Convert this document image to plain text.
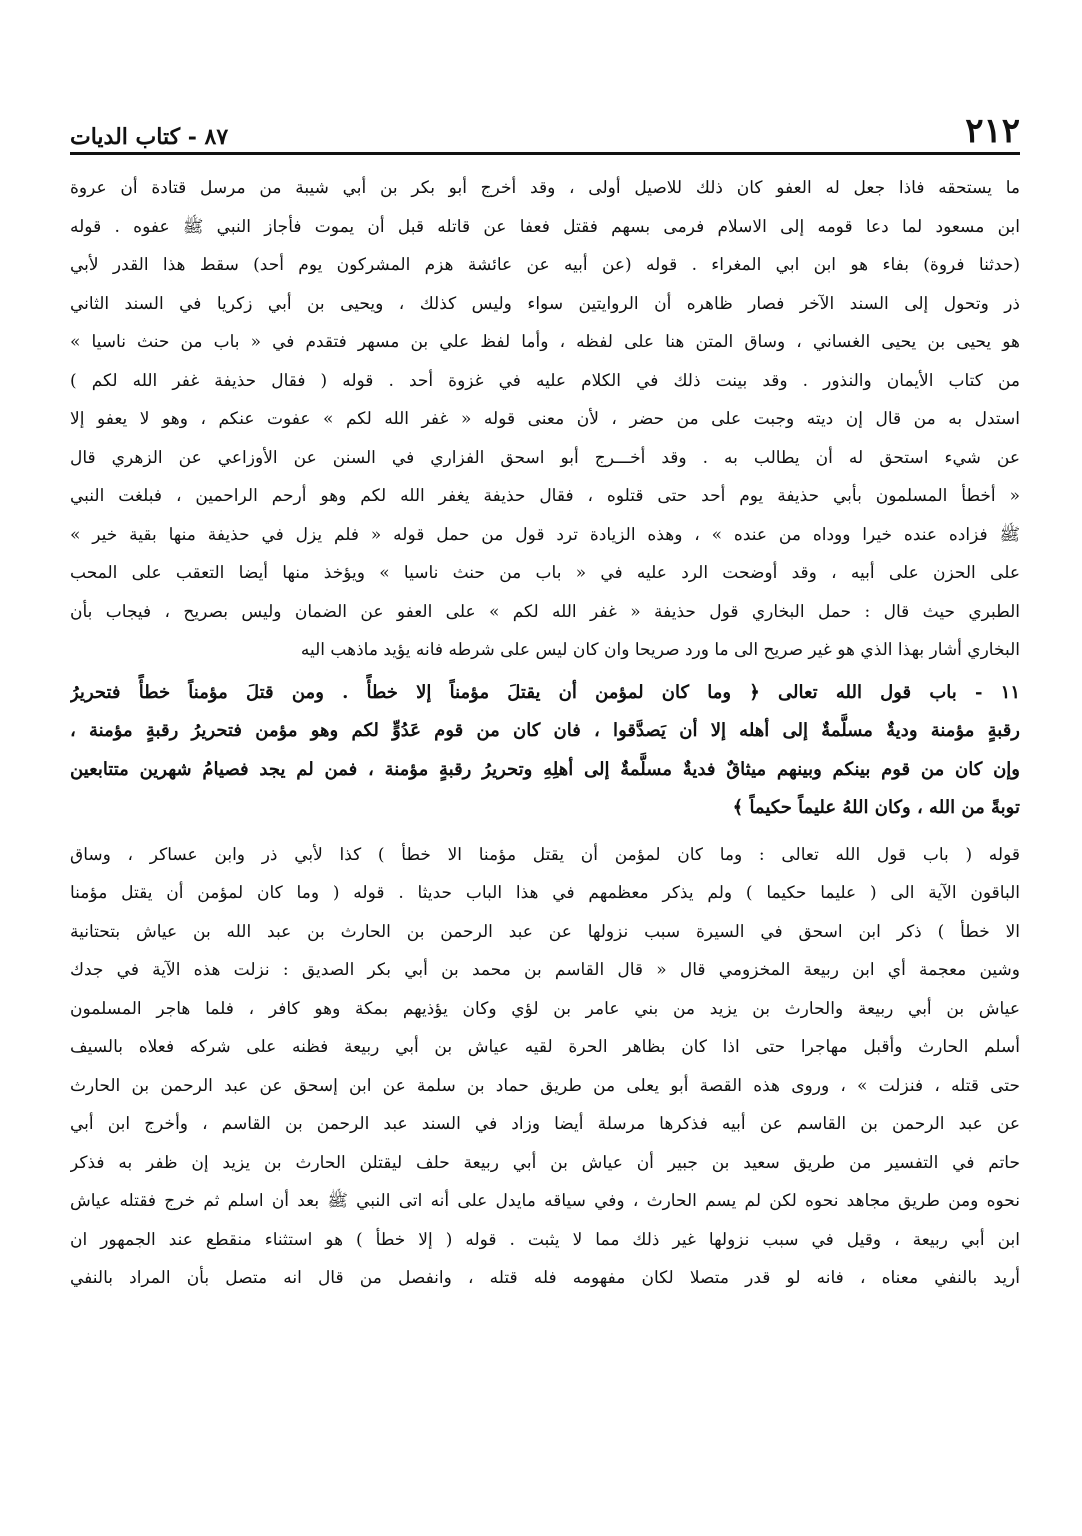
٢١٢
٨٧ - كتاب الديات
ما يستحقه فاذا جعل له العفو كان ذلك للاصيل أولى ، وقد أخرج أبو بكر بن أبي شيبة من مرسل قتادة أن عروة
ابن مسعود لما دعا قومه إلى الاسلام فرمى بسهم فقتل فعفا عن قاتله قبل أن يموت فأجاز النبي ﷺ عفوه . قوله
(حدثنا فروة) بفاء هو ابن ابي المغراء . قوله (عن أبيه عن عائشة هزم المشركون يوم أحد) سقط هذا القدر لأبي
ذر وتحول إلى السند الآخر فصار ظاهره أن الروايتين سواء وليس كذلك ، ويحيى بن أبي زكريا في السند الثاني
هو يحيى بن يحيى الغساني ، وساق المتن هنا على لفظه ، وأما لفظ علي بن مسهر فتقدم في « باب من حنث ناسيا »
من كتاب الأيمان والنذور . وقد بينت ذلك في الكلام عليه في غزوة أحد . قوله ( فقال حذيفة غفر الله لكم )
استدل به من قال إن ديته وجبت على من حضر ، لأن معنى قوله « غفر الله لكم » عفوت عنكم ، وهو لا يعفو إلا
عن شيء استحق له أن يطالب به . وقد أخـــرج أبو اسحق الفزاري في السنن عن الأوزاعي عن الزهري قال
« أخطأ المسلمون بأبي حذيفة يوم أحد حتى قتلوه ، فقال حذيفة يغفر الله لكم وهو أرحم الراحمين ، فبلغت النبي
ﷺ فزاده عنده خيرا ووداه من عنده » ، وهذه الزيادة ترد قول من حمل قوله « فلم يزل في حذيفة منها بقية خير »
على الحزن على أبيه ، وقد أوضحت الرد عليه في « باب من حنث ناسيا » ويؤخذ منها أيضا التعقب على المحب
الطبري حيث قال : حمل البخاري قول حذيفة « غفر الله لكم » على العفو عن الضمان وليس بصريح ، فيجاب بأن
البخاري أشار بهذا الذي هو غير صريح الى ما ورد صريحا وان كان ليس على شرطه فانه يؤيد ماذهب اليه
١١ - باب قول الله تعالى ﴿ وما كان لمؤمن أن يقتلَ مؤمناً إلا خطأً . ومن قتلَ مؤمناً خطأً فتحريرُ
رقبةٍ مؤمنة وديةٌ مسلَّمةٌ إلى أهله إلا أن يَصدَّقوا ، فان كان من قوم عَدُوٍّ لكم وهو مؤمن فتحريرُ رقبةٍ مؤمنة ،
وإن كان من قوم بينكم وبينهم ميثاقٌ فديةٌ مسلَّمةٌ إلى أهلِهِ وتحريرُ رقبةٍ مؤمنة ، فمن لم يجد فصيامُ شهرين متتابعين
توبةً من الله ، وكان اللهُ عليماً حكيماً ﴾
قوله ( باب قول الله تعالى : وما كان لمؤمن أن يقتل مؤمنا الا خطأ ) كذا لأبي ذر وابن عساكر ، وساق
الباقون الآية الى ( عليما حكيما ) ولم يذكر معظمهم في هذا الباب حديثا . قوله ( وما كان لمؤمن أن يقتل مؤمنا
الا خطأ ) ذكر ابن اسحق في السيرة سبب نزولها عن عبد الرحمن بن الحارث بن عبد الله بن عياش بتحتانية
وشين معجمة أي ابن ربيعة المخزومي قال « قال القاسم بن محمد بن أبي بكر الصديق : نزلت هذه الآية في جدك
عياش بن أبي ربيعة والحارث بن يزيد من بني عامر بن لؤي وكان يؤذيهم بمكة وهو كافر ، فلما هاجر المسلمون
أسلم الحارث وأقبل مهاجرا حتى اذا كان بظاهر الحرة لقيه عياش بن أبي ربيعة فظنه على شركه فعلاه بالسيف
حتى قتله ، فنزلت » ، وروى هذه القصة أبو يعلى من طريق حماد بن سلمة عن ابن إسحق عن عبد الرحمن بن الحارث
عن عبد الرحمن بن القاسم عن أبيه فذكرها مرسلة أيضا وزاد في السند عبد الرحمن بن القاسم ، وأخرج ابن أبي
حاتم في التفسير من طريق سعيد بن جبير أن عياش بن أبي ربيعة حلف ليقتلن الحارث بن يزيد إن ظفر به فذكر
نحوه ومن طريق مجاهد نحوه لكن لم يسم الحارث ، وفي سياقه مايدل على أنه اتى النبي ﷺ بعد أن اسلم ثم خرج فقتله عياش
ابن أبي ربيعة ، وقيل في سبب نزولها غير ذلك مما لا يثبت . قوله ( إلا خطأ ) هو استثناء منقطع عند الجمهور ان
أريد بالنفي معناه ، فانه لو قدر متصلا لكان مفهومه فله قتله ، وانفصل من قال انه متصل بأن المراد بالنفي
